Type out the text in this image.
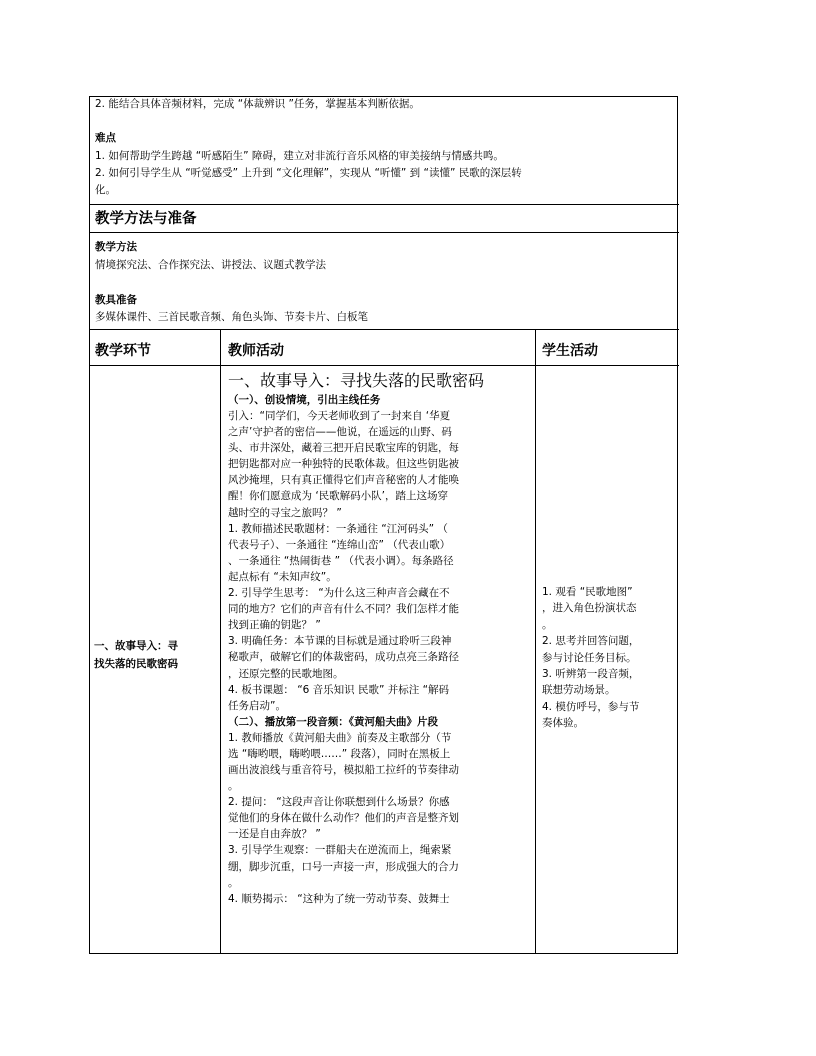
2. 能结合具体音频材料，完成 “体裁辨识 ”任务，掌握基本判断依据。
难点
1. 如何帮助学生跨越 “听感陌生” 障碍，建立对非流行音乐风格的审美接纳与情感共鸣。
2. 如何引导学生从 “听觉感受” 上升到 “文化理解”，实现从 “听懂” 到 “读懂” 民歌的深层转
化。
教学方法与准备
教学方法
情境探究法、合作探究法、讲授法、议题式教学法
教具准备
多媒体课件、三首民歌音频、角色头饰、节奏卡片、白板笔
教学环节	教师活动	学生活动
一、故事导入：寻
找失落的民歌密码
一、故事导入：寻找失落的民歌密码
（一）、创设情境，引出主线任务
引入：“同学们，今天老师收到了一封来自 ‘华夏
之声’守护者的密信——他说，在遥远的山野、码
头、市井深处，藏着三把开启民歌宝库的钥匙，每
把钥匙都对应一种独特的民歌体裁。但这些钥匙被
风沙掩埋，只有真正懂得它们声音秘密的人才能唤
醒！你们愿意成为 ‘民歌解码小队’，踏上这场穿
越时空的寻宝之旅吗？ ”
1. 教师描述民歌题材：一条通往 “江河码头” （
代表号子）、一条通往 “连绵山峦” （代表山歌）
、一条通往 “热闹街巷 ” （代表小调）。每条路径
起点标有 “未知声纹”。
2. 引导学生思考： “为什么这三种声音会藏在不
同的地方？它们的声音有什么不同？我们怎样才能
找到正确的钥匙？ ”
3. 明确任务：本节课的目标就是通过聆听三段神
秘歌声，破解它们的体裁密码，成功点亮三条路径
，还原完整的民歌地图。
4. 板书课题： “6 音乐知识 民歌” 并标注 “解码
任务启动”。
（二）、播放第一段音频：《黄河船夫曲》片段
1. 教师播放《黄河船夫曲》前奏及主歌部分（节
选 “嗨哟喂，嗨哟喂……” 段落），同时在黑板上
画出波浪线与重音符号，模拟船工拉纤的节奏律动
。
2. 提问： “这段声音让你联想到什么场景？你感
觉他们的身体在做什么动作？他们的声音是整齐划
一还是自由奔放？ ”
3. 引导学生观察：一群船夫在逆流而上，绳索紧
绷，脚步沉重，口号一声接一声，形成强大的合力
。
4. 顺势揭示： “这种为了统一劳动节奏、鼓舞士
1. 观看 “民歌地图”
，进入角色扮演状态
。
2. 思考并回答问题，
参与讨论任务目标。
3. 听辨第一段音频，
联想劳动场景。
4. 模仿呼号，参与节
奏体验。
